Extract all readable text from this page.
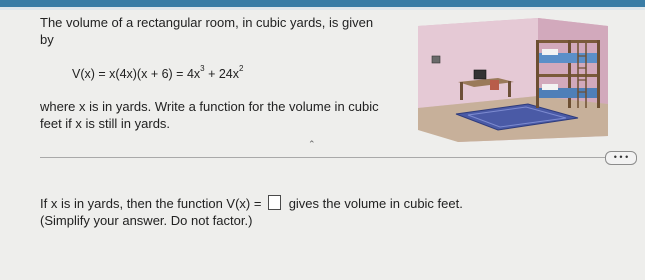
The volume of a rectangular room, in cubic yards, is given

by

$V(x) = x(4x)(x + 6) = 4x^3 + 24x^2$

where x is in yards. Write a function for the volume in cubic

feet if x is still in yards.

⌃
• • •
If x is in yards, then the function V(x) =  gives the volume in cubic feet.

(Simplify your answer. Do not factor.)
